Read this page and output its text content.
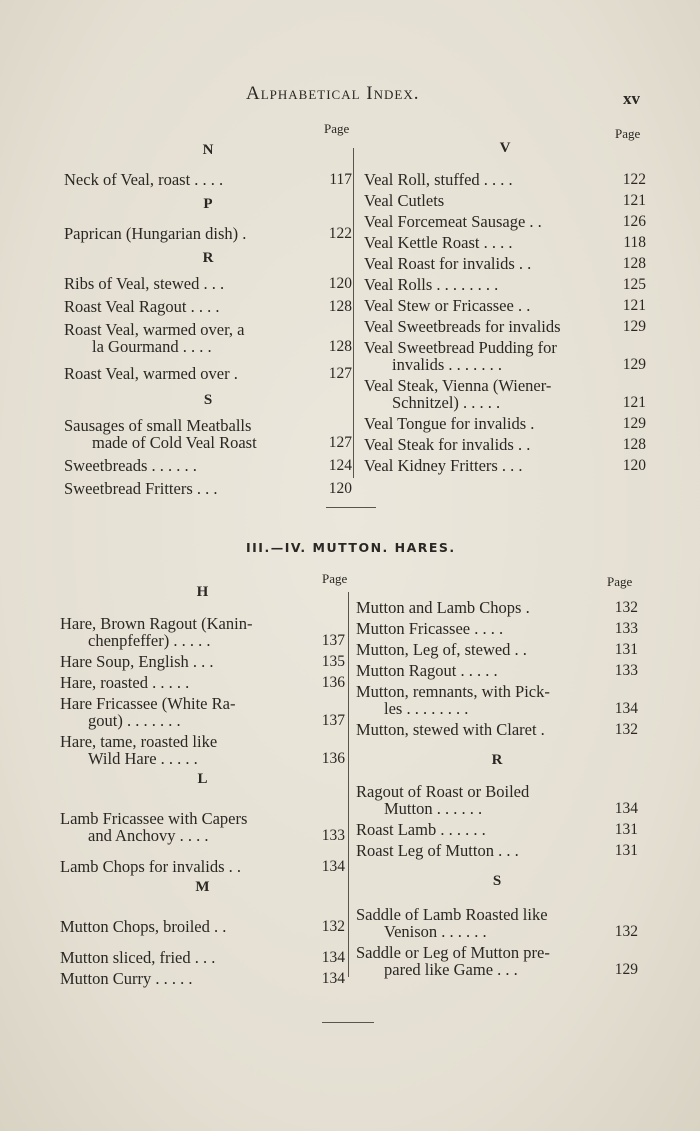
Alphabetical Index.	xv
Page	Page
N
Neck of Veal, roast . . . .	117
P
Paprican (Hungarian dish) .	122
R
Ribs of Veal, stewed . . .	120
Roast Veal Ragout . . . .	128
Roast Veal, warmed over, a
la Gourmand . . . .	128
Roast Veal, warmed over .	127
S
Sausages of small Meatballs
made of Cold Veal Roast	127
Sweetbreads . . . . . .	124
Sweetbread Fritters . . .	120
V
Veal Roll, stuffed . . . .	122
Veal Cutlets	121
Veal Forcemeat Sausage . .	126
Veal Kettle Roast . . . .	118
Veal Roast for invalids . .	128
Veal Rolls . . . . . . . .	125
Veal Stew or Fricassee . .	121
Veal Sweetbreads for invalids	129
Veal Sweetbread Pudding for
invalids . . . . . . .	129
Veal Steak, Vienna (Wiener-
Schnitzel) . . . . .	121
Veal Tongue for invalids .	129
Veal Steak for invalids . .	128
Veal Kidney Fritters . . .	120
III.—IV. MUTTON. HARES.
Page	Page
H
Hare, Brown Ragout (Kanin-
chenpfeffer) . . . . .	137
Hare Soup, English . . .	135
Hare, roasted . . . . .	136
Hare Fricassee (White Ra-
gout) . . . . . . .	137
Hare, tame, roasted like
Wild Hare . . . . .	136
L
Lamb Fricassee with Capers
and Anchovy . . . .	133
Lamb Chops for invalids . .	134
M
Mutton Chops, broiled . .	132
Mutton sliced, fried . . .	134
Mutton Curry . . . . .	134
Mutton and Lamb Chops .	132
Mutton Fricassee . . . .	133
Mutton, Leg of, stewed . .	131
Mutton Ragout . . . . .	133
Mutton, remnants, with Pick-
les . . . . . . . .	134
Mutton, stewed with Claret .	132
R
Ragout of Roast or Boiled
Mutton . . . . . .	134
Roast Lamb . . . . . .	131
Roast Leg of Mutton . . .	131
S
Saddle of Lamb Roasted like
Venison . . . . . .	132
Saddle or Leg of Mutton pre-
pared like Game . . .	129
